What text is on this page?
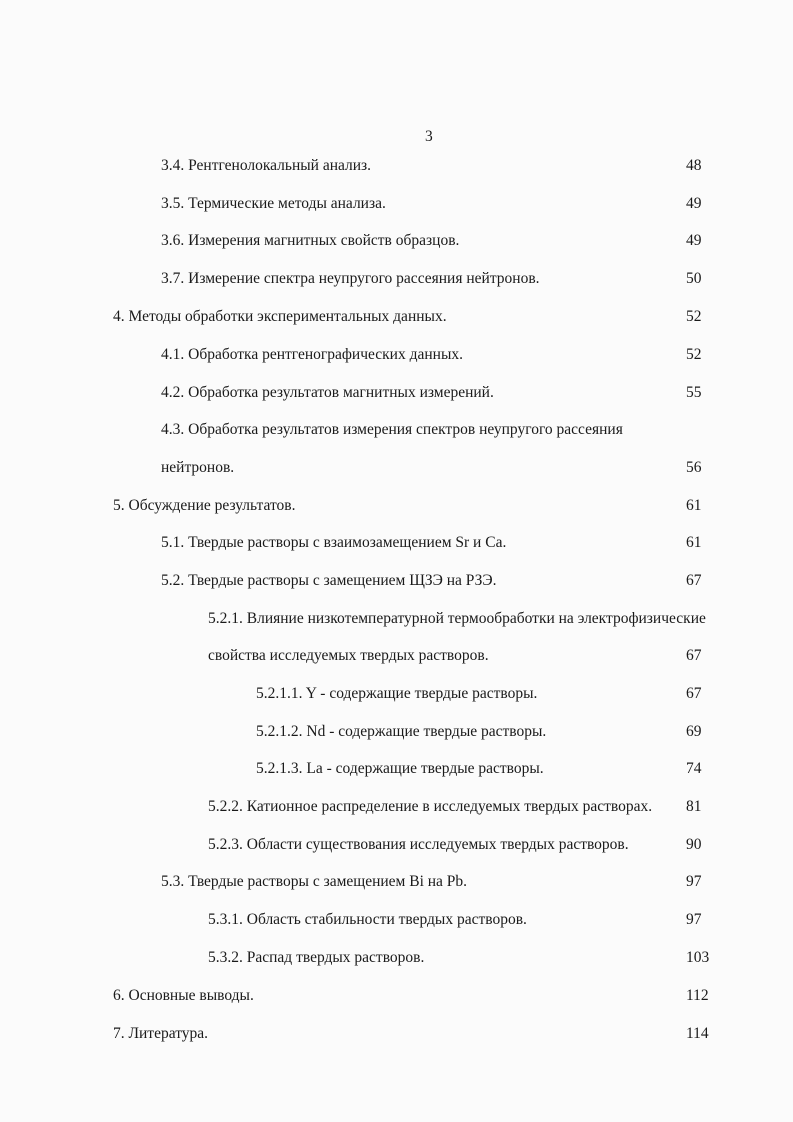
3
3.4. Рентгенолокальный анализ.	48
3.5. Термические методы анализа.	49
3.6. Измерения магнитных свойств образцов.	49
3.7. Измерение спектра неупругого рассеяния нейтронов.	50
4. Методы обработки экспериментальных данных.	52
4.1. Обработка рентгенографических данных.	52
4.2. Обработка результатов магнитных измерений.	55
4.3. Обработка результатов измерения спектров неупругого рассеяния
нейтронов.	56
5. Обсуждение результатов.	61
5.1. Твердые растворы с взаимозамещением Sr и Ca.	61
5.2. Твердые растворы с замещением ЩЗЭ на РЗЭ.	67
5.2.1. Влияние низкотемпературной термообработки на электрофизические
свойства исследуемых твердых растворов.	67
5.2.1.1. Y - содержащие твердые растворы.	67
5.2.1.2. Nd - содержащие твердые растворы.	69
5.2.1.3. La - содержащие твердые растворы.	74
5.2.2. Катионное распределение в исследуемых твердых растворах. 81
5.2.3. Области существования исследуемых твердых растворов.	90
5.3. Твердые растворы с замещением Bi на Pb.	97
5.3.1. Область стабильности твердых растворов.	97
5.3.2. Распад твердых растворов.	103
6. Основные выводы.	112
7. Литература.	114
